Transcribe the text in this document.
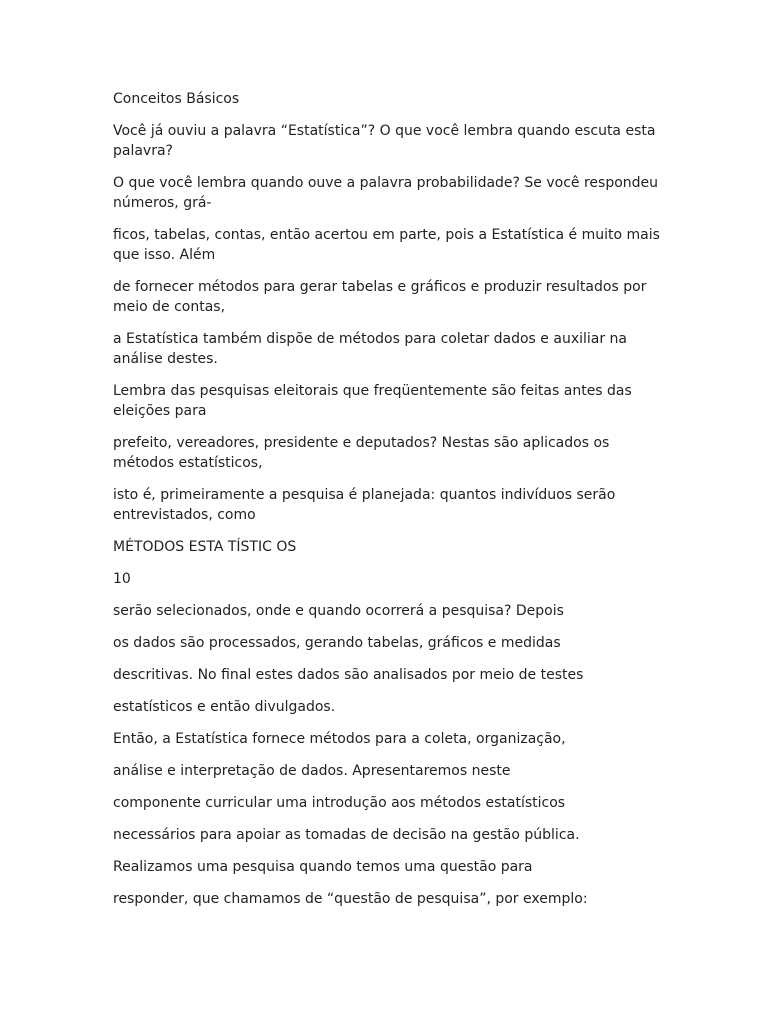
Conceitos Básicos

Você já ouviu a palavra “Estatística”? O que você lembra quando escuta esta palavra?

O que você lembra quando ouve a palavra probabilidade? Se você respondeu números, grá-

ficos, tabelas, contas, então acertou em parte, pois a Estatística é muito mais que isso. Além

de fornecer métodos para gerar tabelas e gráficos e produzir resultados por meio de contas,

a Estatística também dispõe de métodos para coletar dados e auxiliar na análise destes.

Lembra das pesquisas eleitorais que freqüentemente são feitas antes das eleições para

prefeito, vereadores, presidente e deputados? Nestas são aplicados os métodos estatísticos,

isto é, primeiramente a pesquisa é planejada: quantos indivíduos serão entrevistados, como

MÉTODOS ESTA TÍSTIC OS

10

serão selecionados, onde e quando ocorrerá a pesquisa? Depois

os dados são processados, gerando tabelas, gráficos e medidas

descritivas. No final estes dados são analisados por meio de testes

estatísticos e então divulgados.

Então, a Estatística fornece métodos para a coleta, organização,

análise e interpretação de dados. Apresentaremos neste

componente curricular uma introdução aos métodos estatísticos

necessários para apoiar as tomadas de decisão na gestão pública.

Realizamos uma pesquisa quando temos uma questão para

responder, que chamamos de “questão de pesquisa”, por exemplo:
